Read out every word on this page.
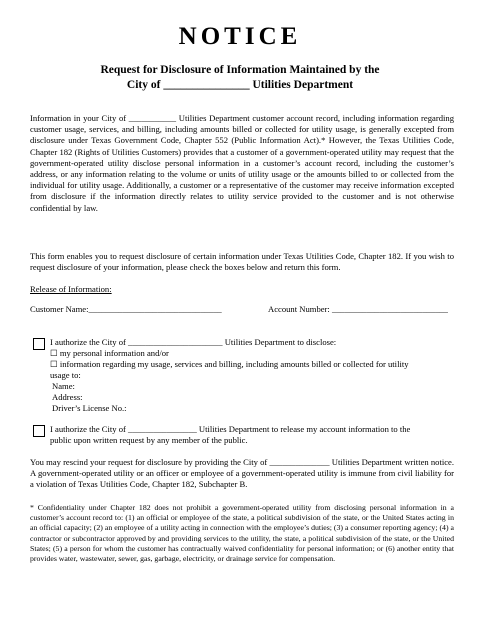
NOTICE
Request for Disclosure of Information Maintained by the
City of _______________ Utilities Department
Information in your City of ___________ Utilities Department customer account record, including information regarding customer usage, services, and billing, including amounts billed or collected for utility usage, is generally excepted from disclosure under Texas Government Code, Chapter 552 (Public Information Act).* However, the Texas Utilities Code, Chapter 182 (Rights of Utilities Customers) provides that a customer of a government-operated utility may request that the government-operated utility disclose personal information in a customer’s account record, including the customer’s address, or any information relating to the volume or units of utility usage or the amounts billed to or collected from the individual for utility usage. Additionally, a customer or a representative of the customer may receive information excepted from disclosure if the information directly relates to utility service provided to the customer and is not otherwise confidential by law.
This form enables you to request disclosure of certain information under Texas Utilities Code, Chapter 182. If you wish to request disclosure of your information, please check the boxes below and return this form.
Release of Information:
Customer Name:_______________________________	Account Number: ___________________________
I authorize the City of ______________________ Utilities Department to disclose:
☐ my personal information and/or
☐ information regarding my usage, services and billing, including amounts billed or collected for utility
usage to:
Name:
Address:
Driver’s License No.:
I authorize the City of ________________ Utilities Department to release my account information to the
public upon written request by any member of the public.
You may rescind your request for disclosure by providing the City of ______________ Utilities Department written notice. A government-operated utility or an officer or employee of a government-operated utility is immune from civil liability for a violation of Texas Utilities Code, Chapter 182, Subchapter B.
* Confidentiality under Chapter 182 does not prohibit a government-operated utility from disclosing personal information in a customer’s account record to: (1) an official or employee of the state, a political subdivision of the state, or the United States acting in an official capacity; (2) an employee of a utility acting in connection with the employee’s duties; (3) a consumer reporting agency; (4) a contractor or subcontractor approved by and providing services to the utility, the state, a political subdivision of the state, or the United States; (5) a person for whom the customer has contractually waived confidentiality for personal information; or (6) another entity that provides water, wastewater, sewer, gas, garbage, electricity, or drainage service for compensation.
